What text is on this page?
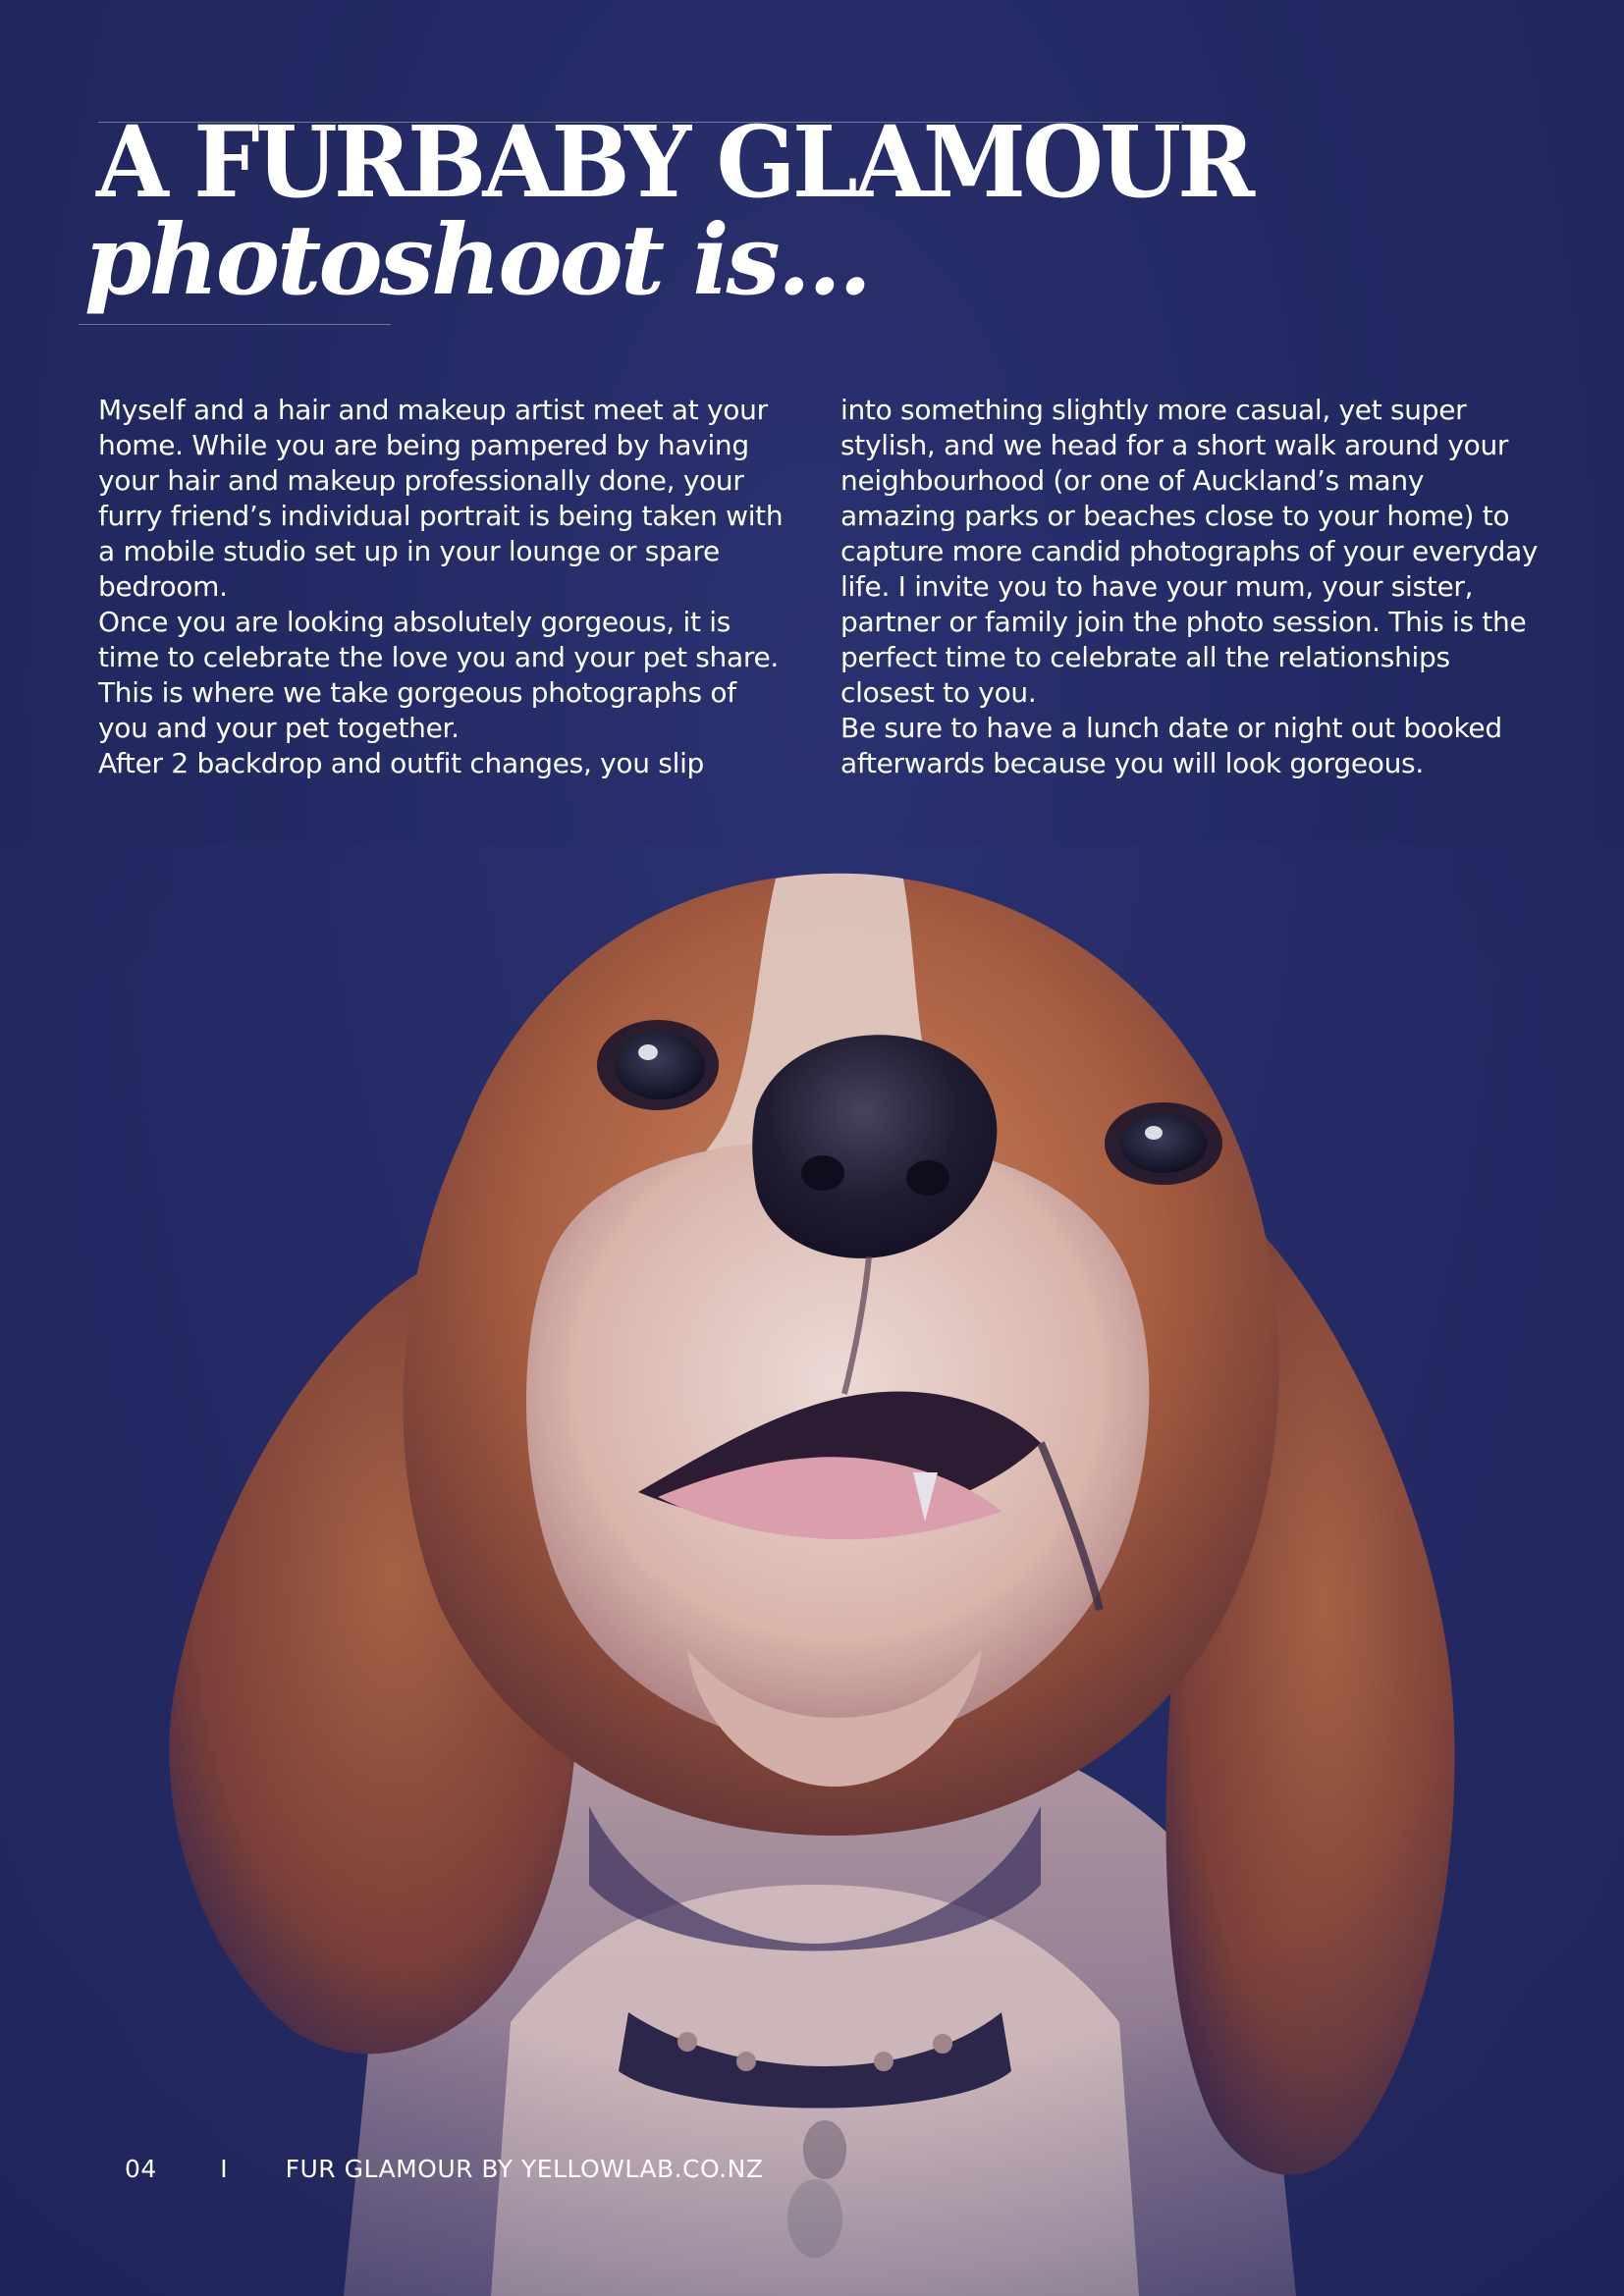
A FURBABY GLAMOUR
photoshoot is...

Myself and a hair and makeup artist meet at your home. While you are being pampered by having your hair and makeup professionally done, your furry friend’s individual portrait is being taken with a mobile studio set up in your lounge or spare bedroom.

Once you are looking absolutely gorgeous, it is time to celebrate the love you and your pet share. This is where we take gorgeous photographs of you and your pet together.

After 2 backdrop and outfit changes, you slip

into something slightly more casual, yet super stylish, and we head for a short walk around your neighbourhood (or one of Auckland’s many amazing parks or beaches close to your home) to capture more candid photographs of your everyday life. I invite you to have your mum, your sister, partner or family join the photo session. This is the perfect time to celebrate all the relationships closest to you.

Be sure to have a lunch date or night out booked afterwards because you will look gorgeous.

04	I FUR GLAMOUR BY YELLOWLAB.CO.NZ
